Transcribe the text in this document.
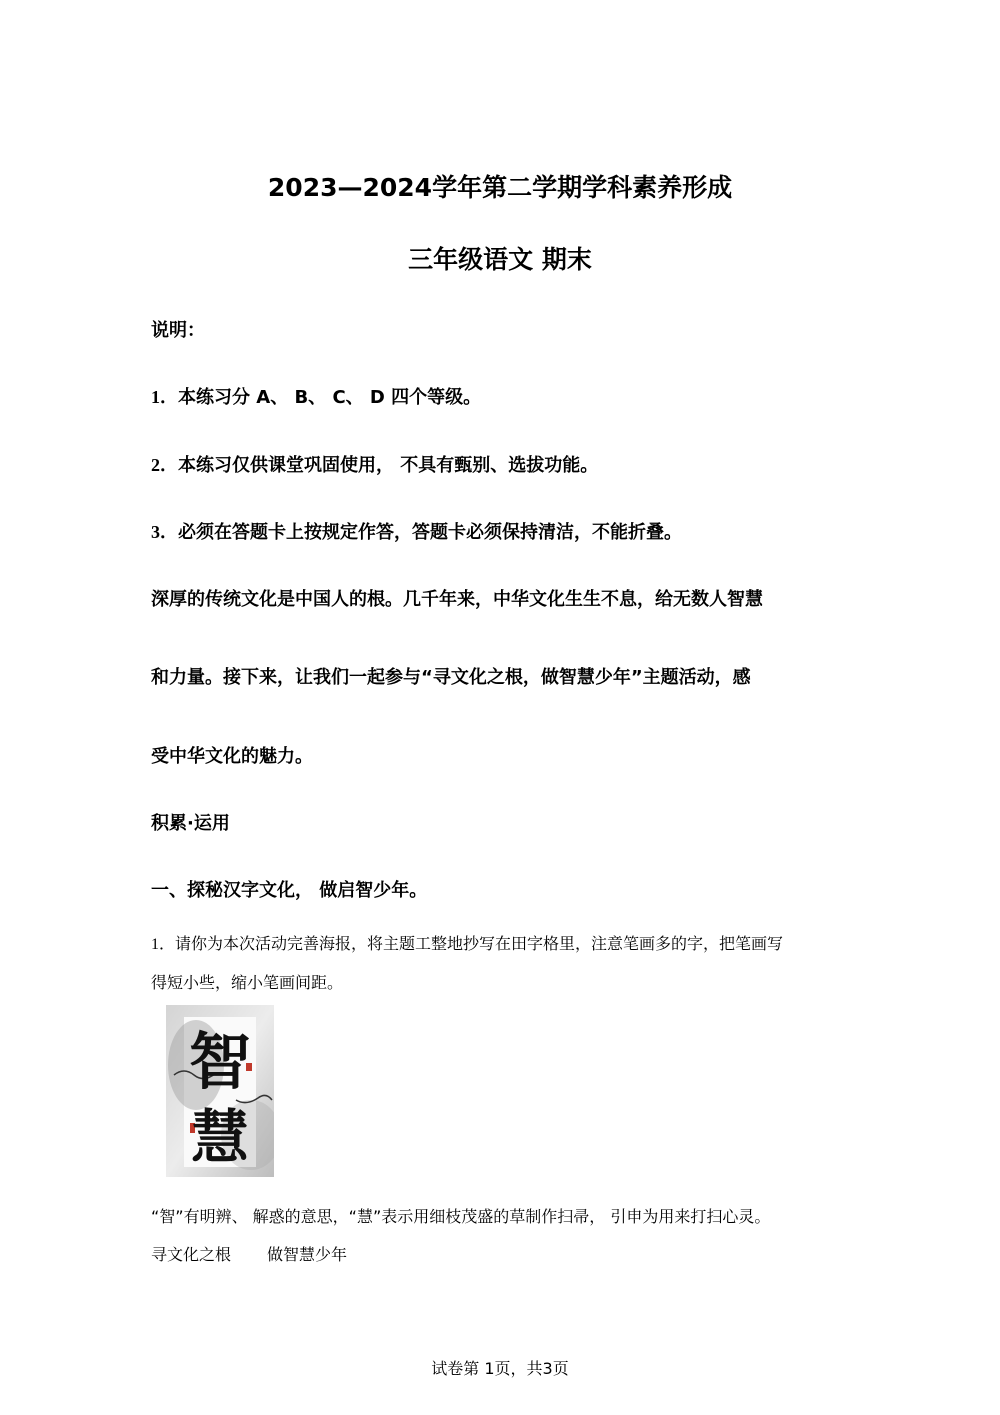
2023—2024学年第二学期学科素养形成
三年级语文 期末
说明：
1．本练习分 A、 B、 C、 D 四个等级。
2．本练习仅供课堂巩固使用， 不具有甄别、选拔功能。
3．必须在答题卡上按规定作答，答题卡必须保持清洁，不能折叠。
深厚的传统文化是中国人的根。几千年来，中华文化生生不息，给无数人智慧
和力量。接下来，让我们一起参与“寻文化之根，做智慧少年”主题活动，感
受中华文化的魅力。
积累·运用
一、探秘汉字文化， 做启智少年。
1．请你为本次活动完善海报，将主题工整地抄写在田字格里，注意笔画多的字，把笔画写
得短小些，缩小笔画间距。
智
慧
“智”有明辨、 解惑的意思，“慧”表示用细枝茂盛的草制作扫帚， 引申为用来打扫心灵。
寻文化之根 做智慧少年
试卷第 1页，共3页
